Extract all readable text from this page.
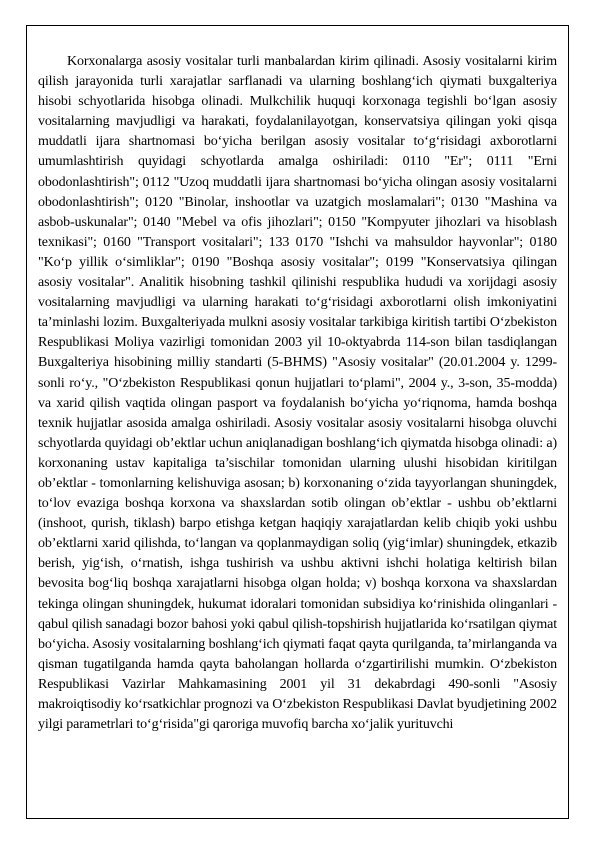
Korxonalarga asosiy vositalar turli manbalardan kirim qilinadi. Asosiy vositalarni kirim qilish jarayonida turli xarajatlar sarflanadi va ularning boshlang‘ich qiymati buxgalteriya hisobi schyotlarida hisobga olinadi. Mulkchilik huquqi korxonaga tegishli bo‘lgan asosiy vositalarning mavjudligi va harakati, foydalanilayotgan, konservatsiya qilingan yoki qisqa muddatli ijara shartnomasi bo‘yicha berilgan asosiy vositalar to‘g‘risidagi axborotlarni umumlashtirish quyidagi schyotlarda amalga oshiriladi: 0110 "Er"; 0111 "Erni obodonlashtirish"; 0112 "Uzoq muddatli ijara shartnomasi bo‘yicha olingan asosiy vositalarni obodonlashtirish"; 0120 "Binolar, inshootlar va uzatgich moslamalari"; 0130 "Mashina va asbob-uskunalar"; 0140 "Mebel va ofis jihozlari"; 0150 "Kompyuter jihozlari va hisoblash texnikasi"; 0160 "Transport vositalari"; 133 0170 "Ishchi va mahsuldor hayvonlar"; 0180 "Ko‘p yillik o‘simliklar"; 0190 "Boshqa asosiy vositalar"; 0199 "Konservatsiya qilingan asosiy vositalar". Analitik hisobning tashkil qilinishi respublika hududi va xorijdagi asosiy vositalarning mavjudligi va ularning harakati to‘g‘risidagi axborotlarni olish imkoniyatini ta’minlashi lozim. Buxgalteriyada mulkni asosiy vositalar tarkibiga kiritish tartibi O‘zbekiston Respublikasi Moliya vazirligi tomonidan 2003 yil 10-oktyabrda 114-son bilan tasdiqlangan Buxgalteriya hisobining milliy standarti (5-BHMS) "Asosiy vositalar" (20.01.2004 y. 1299-sonli ro‘y., "O‘zbekiston Respublikasi qonun hujjatlari to‘plami", 2004 y., 3-son, 35-modda) va xarid qilish vaqtida olingan pasport va foydalanish bo‘yicha yo‘riqnoma, hamda boshqa texnik hujjatlar asosida amalga oshiriladi. Asosiy vositalar asosiy vositalarni hisobga oluvchi schyotlarda quyidagi ob’ektlar uchun aniqlanadigan boshlang‘ich qiymatda hisobga olinadi: a) korxonaning ustav kapitaliga ta’sischilar tomonidan ularning ulushi hisobidan kiritilgan ob’ektlar - tomonlarning kelishuviga asosan; b) korxonaning o‘zida tayyorlangan shuningdek, to‘lov evaziga boshqa korxona va shaxslardan sotib olingan ob’ektlar - ushbu ob’ektlarni (inshoot, qurish, tiklash) barpo etishga ketgan haqiqiy xarajatlardan kelib chiqib yoki ushbu ob’ektlarni xarid qilishda, to‘langan va qoplanmaydigan soliq (yig‘imlar) shuningdek, etkazib berish, yig‘ish, o‘rnatish, ishga tushirish va ushbu aktivni ishchi holatiga keltirish bilan bevosita bog‘liq boshqa xarajatlarni hisobga olgan holda; v) boshqa korxona va shaxslardan tekinga olingan shuningdek, hukumat idoralari tomonidan subsidiya ko‘rinishida olinganlari - qabul qilish sanadagi bozor bahosi yoki qabul qilish-topshirish hujjatlarida ko‘rsatilgan qiymat bo‘yicha. Asosiy vositalarning boshlang‘ich qiymati faqat qayta qurilganda, ta’mirlanganda va qisman tugatilganda hamda qayta baholangan hollarda o‘zgartirilishi mumkin. O‘zbekiston Respublikasi Vazirlar Mahkamasining 2001 yil 31 dekabrdagi 490-sonli "Asosiy makroiqtisodiy ko‘rsatkichlar prognozi va O‘zbekiston Respublikasi Davlat byudjetining 2002 yilgi parametrlari to‘g‘risida"gi qaroriga muvofiq barcha xo‘jalik yurituvchi
